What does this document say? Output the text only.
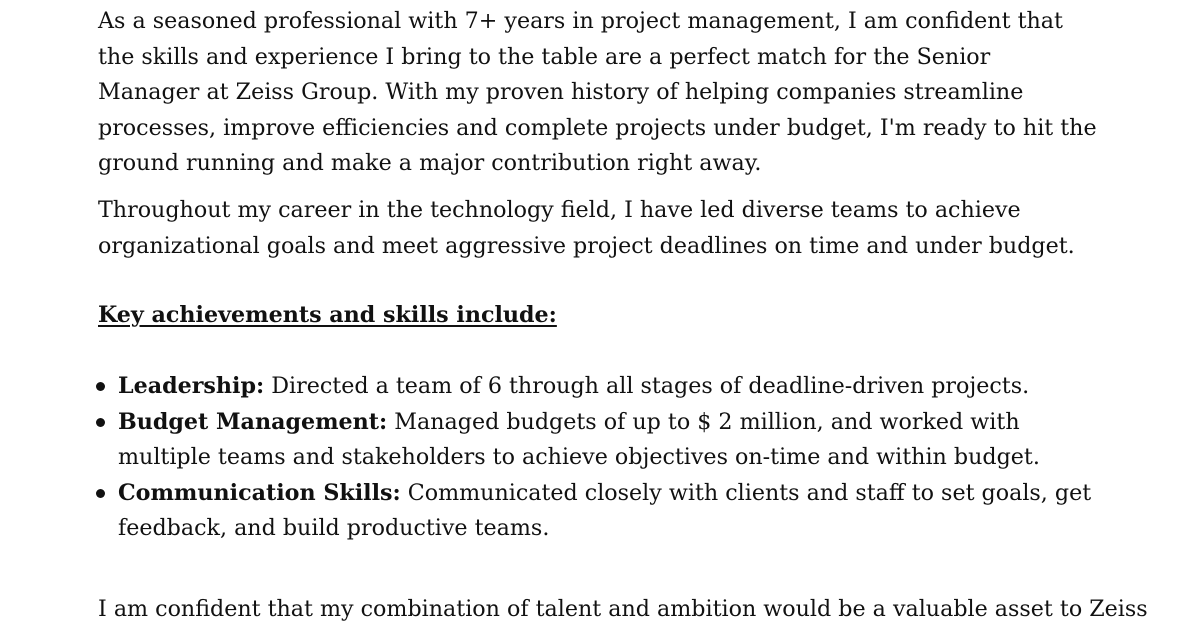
As a seasoned professional with 7+ years in project management, I am confident that the skills and experience I bring to the table are a perfect match for the Senior Manager at Zeiss Group. With my proven history of helping companies streamline processes, improve efficiencies and complete projects under budget, I'm ready to hit the ground running and make a major contribution right away.

Throughout my career in the technology field, I have led diverse teams to achieve organizational goals and meet aggressive project deadlines on time and under budget.

Key achievements and skills include:

Leadership: Directed a team of 6 through all stages of deadline-driven projects.
Budget Management: Managed budgets of up to $ 2 million, and worked with multiple teams and stakeholders to achieve objectives on-time and within budget.
Communication Skills: Communicated closely with clients and staff to set goals, get feedback, and build productive teams.

I am confident that my combination of talent and ambition would be a valuable asset to Zeiss
